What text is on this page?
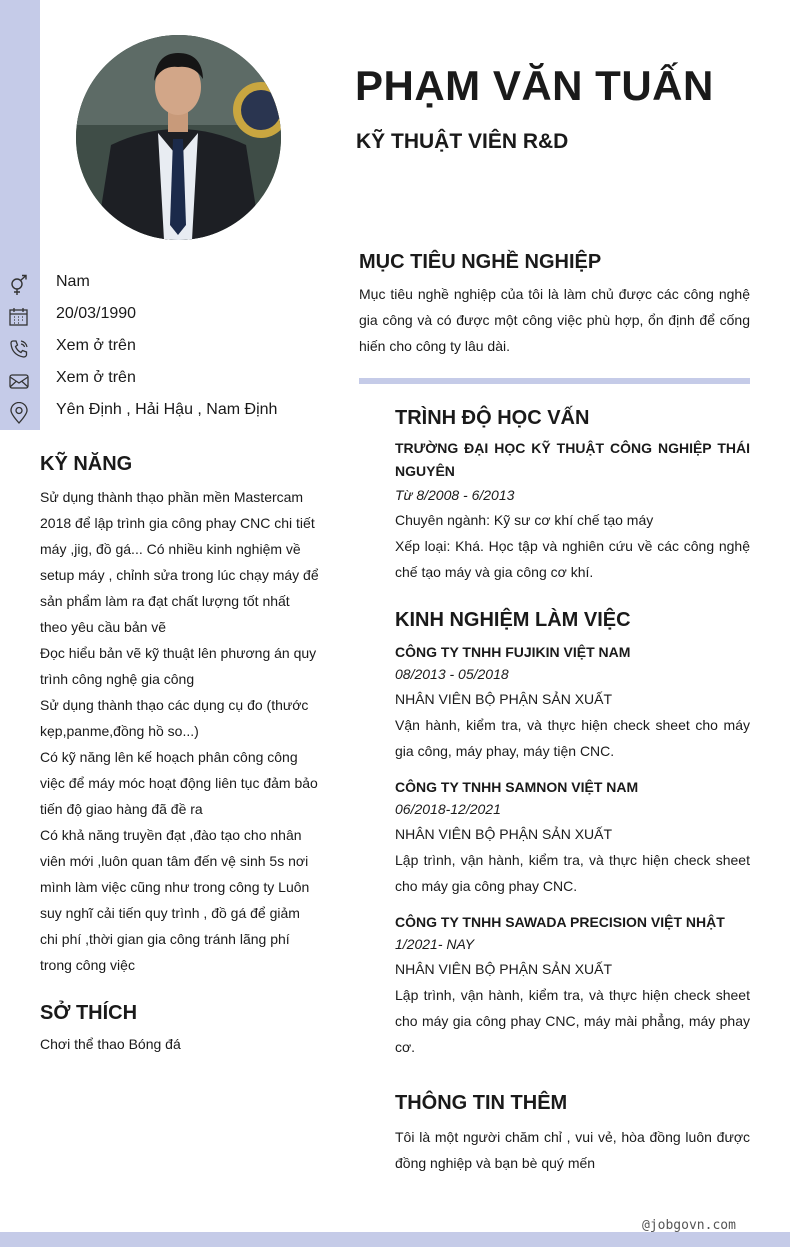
PHẠM VĂN TUẤN
KỸ THUẬT VIÊN R&D
Nam
20/03/1990
Xem ở trên
Xem ở trên
Yên Định , Hải Hậu , Nam Định
KỸ NĂNG

Sử dụng thành thạo phần mền Mastercam 2018 để lập trình gia công phay CNC chi tiết máy ,jig, đồ gá... Có nhiều kinh nghiệm về setup máy , chỉnh sửa trong lúc chạy máy để sản phẩm làm ra đạt chất lượng tốt nhất theo yêu cầu bản vẽ

Đọc hiểu bản vẽ kỹ thuật lên phương án quy trình công nghệ gia công

Sử dụng thành thạo các dụng cụ đo (thước kẹp,panme,đồng hồ so...)

Có kỹ năng lên kế hoạch phân công công việc để máy móc hoạt động liên tục đảm bảo tiến độ giao hàng đã đề ra

Có khả năng truyền đạt ,đào tạo cho nhân viên mới ,luôn quan tâm đến vệ sinh 5s nơi mình làm việc cũng như trong công ty Luôn suy nghĩ cải tiến quy trình , đồ gá để giảm chi phí ,thời gian gia công tránh lãng phí trong công việc

SỞ THÍCH

Chơi thể thao Bóng đá

MỤC TIÊU NGHỀ NGHIỆP

Mục tiêu nghề nghiệp của tôi là làm chủ được các công nghệ gia công và có được một công việc phù hợp, ổn định để cống hiến cho công ty lâu dài.

TRÌNH ĐỘ HỌC VẤN

TRƯỜNG ĐẠI HỌC KỸ THUẬT CÔNG NGHIỆP THÁI NGUYÊN

Từ 8/2008 - 6/2013

Chuyên ngành: Kỹ sư cơ khí chế tạo máy

Xếp loại: Khá. Học tập và nghiên cứu về các công nghệ chế tạo máy và gia công cơ khí.

KINH NGHIỆM LÀM VIỆC

CÔNG TY TNHH FUJIKIN VIỆT NAM

08/2013 - 05/2018

NHÂN VIÊN BỘ PHẬN SẢN XUẤT

Vận hành, kiểm tra, và thực hiện check sheet cho máy gia công, máy phay, máy tiện CNC.

CÔNG TY TNHH SAMNON VIỆT NAM

06/2018-12/2021

NHÂN VIÊN BỘ PHẬN SẢN XUẤT

Lập trình, vận hành, kiểm tra, và thực hiện check sheet cho máy gia công phay CNC.

CÔNG TY TNHH SAWADA PRECISION VIỆT NHẬT

1/2021- NAY

NHÂN VIÊN BỘ PHẬN SẢN XUẤT

Lập trình, vận hành, kiểm tra, và thực hiện check sheet cho máy gia công phay CNC, máy mài phẳng, máy phay cơ.

THÔNG TIN THÊM

Tôi là một người chăm chỉ , vui vẻ, hòa đồng luôn được đồng nghiệp và bạn bè quý mến

@jobgovn.com
